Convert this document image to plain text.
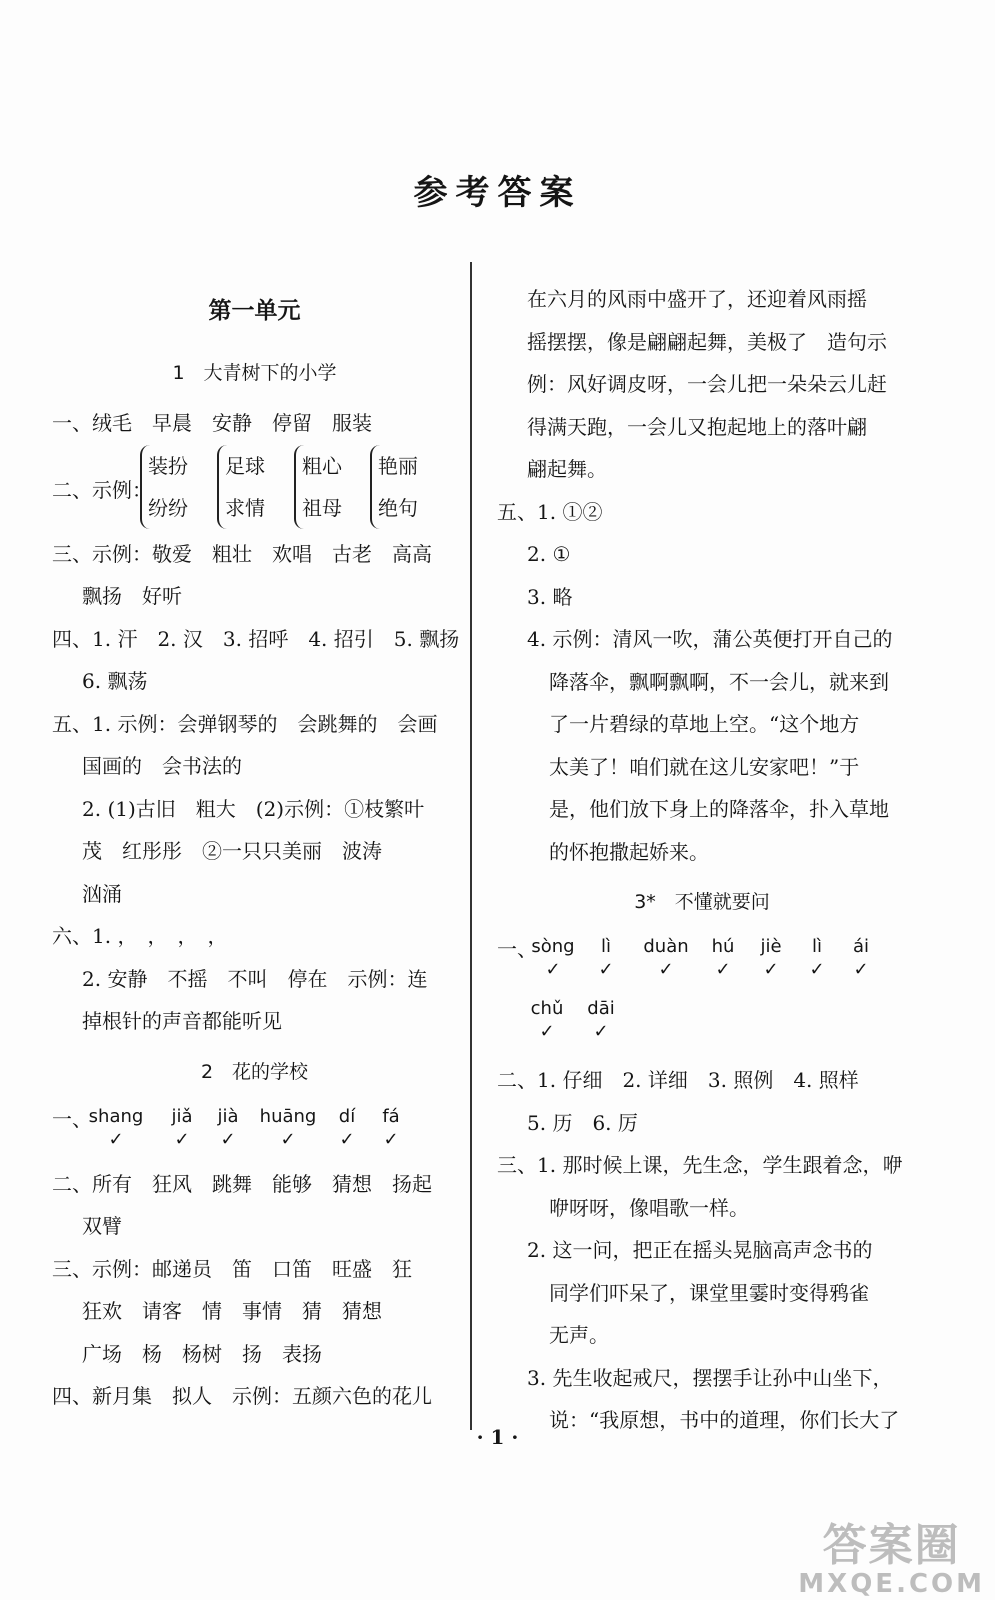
参考答案
第一单元
1　大青树下的小学
一、绒毛　早晨　安静　停留　服装
二、示例：
装扮
纷纷
足球
求情
粗心
祖母
艳丽
绝句
三、示例：敬爱　粗壮　欢唱　古老　高高
飘扬　好听
四、1. 汗　2. 汉　3. 招呼　4. 招引　5. 飘扬
6. 飘荡
五、1. 示例：会弹钢琴的　会跳舞的　会画
国画的　会书法的
2. (1)古旧　粗大　(2)示例：①枝繁叶
茂　红彤彤　②一只只美丽　波涛
汹涌
六、1. ，　，　，　，
2. 安静　不摇　不叫　停在　示例：连
掉根针的声音都能听见
2　花的学校
一、
shang
✓
jiǎ
✓
jià
✓
huāng
✓
dí
✓
fá
✓
二、所有　狂风　跳舞　能够　猜想　扬起
双臂
三、示例：邮递员　笛　口笛　旺盛　狂
狂欢　请客　情　事情　猜　猜想
广场　杨　杨树　扬　表扬
四、新月集　拟人　示例：五颜六色的花儿
在六月的风雨中盛开了，还迎着风雨摇
摇摆摆，像是翩翩起舞，美极了　造句示
例：风好调皮呀，一会儿把一朵朵云儿赶
得满天跑，一会儿又抱起地上的落叶翩
翩起舞。
五、1. ①②
2. ①
3. 略
4. 示例：清风一吹，蒲公英便打开自己的
降落伞，飘啊飘啊，不一会儿，就来到
了一片碧绿的草地上空。“这个地方
太美了！咱们就在这儿安家吧！”于
是，他们放下身上的降落伞，扑入草地
的怀抱撒起娇来。
3*　不懂就要问
一、
sòng
✓
lì
✓
duàn
✓
hú
✓
jiè
✓
lì
✓
ái
✓
chǔ
✓
dāi
✓
二、1. 仔细　2. 详细　3. 照例　4. 照样
5. 历　6. 厉
三、1. 那时候上课，先生念，学生跟着念，咿
咿呀呀，像唱歌一样。
2. 这一问，把正在摇头晃脑高声念书的
同学们吓呆了，课堂里霎时变得鸦雀
无声。
3. 先生收起戒尺，摆摆手让孙中山坐下，
说：“我原想，书中的道理，你们长大了
· 1 ·
答案圈
MXQE.COM
